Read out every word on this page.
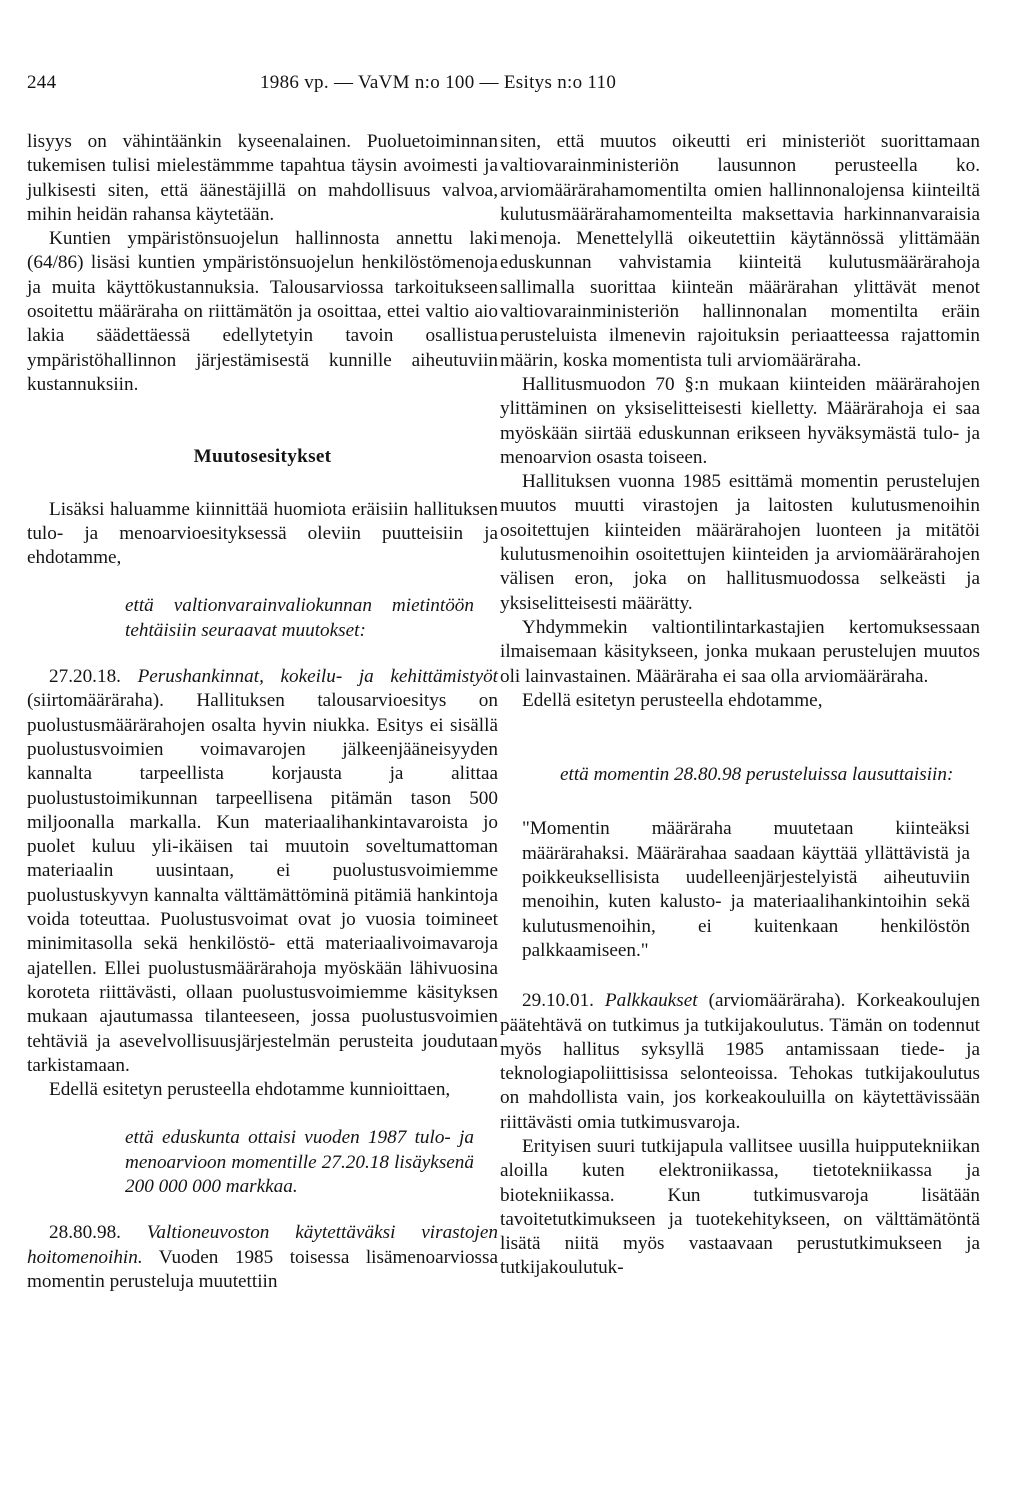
244	1986 vp. — VaVM n:o 100 — Esitys n:o 110

lisyys on vähintäänkin kyseenalainen. Puoluetoiminnan tukemisen tulisi mielestämmme tapahtua täysin avoimesti ja julkisesti siten, että äänestäjillä on mahdollisuus valvoa, mihin heidän rahansa käytetään.

Kuntien ympäristönsuojelun hallinnosta annettu laki (64/86) lisäsi kuntien ympäristönsuojelun henkilöstömenoja ja muita käyttökustannuksia. Talousarviossa tarkoitukseen osoitettu määräraha on riittämätön ja osoittaa, ettei valtio aio lakia säädettäessä edellytetyin tavoin osallistua ympäristöhallinnon järjestämisestä kunnille aiheutuviin kustannuksiin.

Muutosesitykset

Lisäksi haluamme kiinnittää huomiota eräisiin hallituksen tulo- ja menoarvioesityksessä oleviin puutteisiin ja ehdotamme,

että valtionvarainvaliokunnan mietintöön tehtäisiin seuraavat muutokset:

27.20.18. Perushankinnat, kokeilu- ja kehittämistyöt (siirtomääräraha). Hallituksen talousarvioesitys on puolustusmäärärahojen osalta hyvin niukka. Esitys ei sisällä puolustusvoimien voimavarojen jälkeenjääneisyyden kannalta tarpeellista korjausta ja alittaa puolustustoimikunnan tarpeellisena pitämän tason 500 miljoonalla markalla. Kun materiaalihankintavaroista jo puolet kuluu yli-ikäisen tai muutoin soveltumattoman materiaalin uusintaan, ei puolustusvoimiemme puolustuskyvyn kannalta välttämättöminä pitämiä hankintoja voida toteuttaa. Puolustusvoimat ovat jo vuosia toimineet minimitasolla sekä henkilöstö- että materiaalivoimavaroja ajatellen. Ellei puolustusmäärärahoja myöskään lähivuosina koroteta riittävästi, ollaan puolustusvoimiemme käsityksen mukaan ajautumassa tilanteeseen, jossa puolustusvoimien tehtäviä ja asevelvollisuusjärjestelmän perusteita joudutaan tarkistamaan.

Edellä esitetyn perusteella ehdotamme kunnioittaen,

että eduskunta ottaisi vuoden 1987 tulo- ja menoarvioon momentille 27.20.18 lisäyksenä 200 000 000 markkaa.

28.80.98. Valtioneuvoston käytettäväksi virastojen hoitomenoihin. Vuoden 1985 toisessa lisämenoarviossa momentin perusteluja muutettiin

siten, että muutos oikeutti eri ministeriöt suorittamaan valtiovarainministeriön lausunnon perusteella ko. arviomäärärahamomentilta omien hallinnonalojensa kiinteiltä kulutusmäärärahamomenteilta maksettavia harkinnanvaraisia menoja. Menettelyllä oikeutettiin käytännössä ylittämään eduskunnan vahvistamia kiinteitä kulutusmäärärahoja sallimalla suorittaa kiinteän määrärahan ylittävät menot valtiovarainministeriön hallinnonalan momentilta eräin perusteluista ilmenevin rajoituksin periaatteessa rajattomin määrin, koska momentista tuli arviomääräraha.

Hallitusmuodon 70 §:n mukaan kiinteiden määrärahojen ylittäminen on yksiselitteisesti kielletty. Määrärahoja ei saa myöskään siirtää eduskunnan erikseen hyväksymästä tulo- ja menoarvion osasta toiseen.

Hallituksen vuonna 1985 esittämä momentin perustelujen muutos muutti virastojen ja laitosten kulutusmenoihin osoitettujen kiinteiden määrärahojen luonteen ja mitätöi kulutusmenoihin osoitettujen kiinteiden ja arviomäärärahojen välisen eron, joka on hallitusmuodossa selkeästi ja yksiselitteisesti määrätty.

Yhdymmekin valtiontilintarkastajien kertomuksessaan ilmaisemaan käsitykseen, jonka mukaan perustelujen muutos oli lainvastainen. Määräraha ei saa olla arviomääräraha.

Edellä esitetyn perusteella ehdotamme,

että momentin 28.80.98 perusteluissa lausuttaisiin:

"Momentin määräraha muutetaan kiinteäksi määrärahaksi. Määrärahaa saadaan käyttää yllättävistä ja poikkeuksellisista uudelleenjärjestelyistä aiheutuviin menoihin, kuten kalusto- ja materiaalihankintoihin sekä kulutusmenoihin, ei kuitenkaan henkilöstön palkkaamiseen."

29.10.01. Palkkaukset (arviomääräraha). Korkeakoulujen päätehtävä on tutkimus ja tutkijakoulutus. Tämän on todennut myös hallitus syksyllä 1985 antamissaan tiede- ja teknologiapoliittisissa selonteoissa. Tehokas tutkijakoulutus on mahdollista vain, jos korkeakouluilla on käytettävissään riittävästi omia tutkimusvaroja.

Erityisen suuri tutkijapula vallitsee uusilla huipputekniikan aloilla kuten elektroniikassa, tietotekniikassa ja biotekniikassa. Kun tutkimusvaroja lisätään tavoitetutkimukseen ja tuotekehitykseen, on välttämätöntä lisätä niitä myös vastaavaan perustutkimukseen ja tutkijakoulutuk-
